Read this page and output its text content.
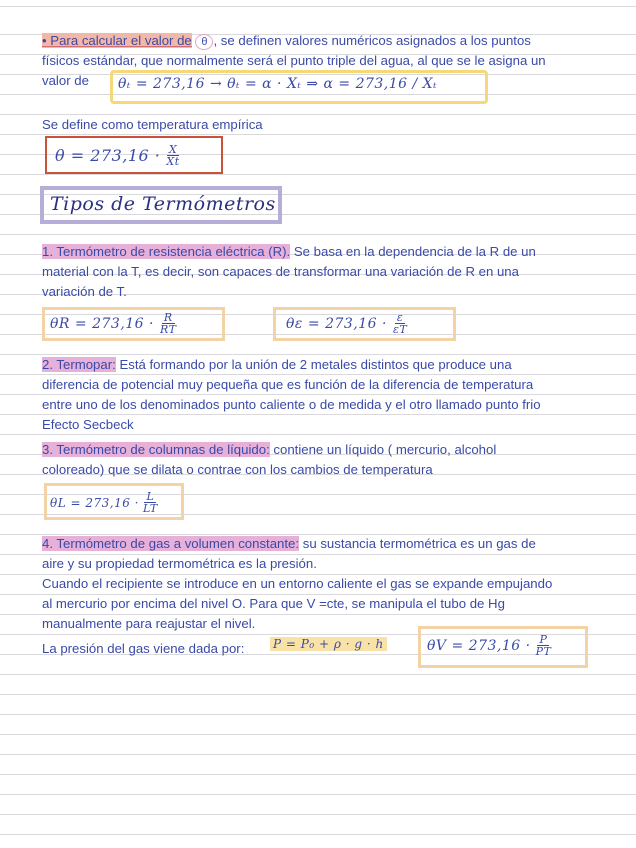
• Para calcular el valor de θ , se definen valores numéricos asignados a los puntos
físicos estándar, que normalmente será el punto triple del agua, al que se le asigna un
valor de θₜ = 273,16 → θₜ = α · Xₜ ⇒ α = 273,16 / Xₜ
Se define como temperatura empírica
$\theta = 273,16 \cdot \frac{X}{Xt}$
Tipos de Termómetros
1. Termómetro de resistencia eléctrica (R). Se basa en la dependencia de la R de un
material con la T, es decir, son capaces de transformar una variación de R en una
variación de T.
$\theta R = 273,16 \cdot \frac{R}{RT}$	$\theta\varepsilon = 273,16 \cdot \frac{\varepsilon}{\varepsilon T}$
2. Termopar: Está formando por la unión de 2 metales distintos que produce una
diferencia de potencial muy pequeña que es función de la diferencia de temperatura
entre uno de los denominados punto caliente o de medida y el otro llamado punto frio
Efecto Secbeck
3. Termómetro de columnas de líquido: contiene un líquido ( mercurio, alcohol
coloreado) que se dilata o contrae con los cambios de temperatura
$\theta L = 273,16 \cdot \frac{L}{LT}$
4. Termómetro de gas a volumen constante: su sustancia termométrica es un gas de
aire y su propiedad termométrica es la presión.
Cuando el recipiente se introduce en un entorno caliente el gas se expande empujando
al mercurio por encima del nivel O. Para que V =cte, se manipula el tubo de Hg
manualmente para reajustar el nivel.
La presión del gas viene dada por: P = P₀ + ρ · g · h	$\theta V = 273,16 \cdot \frac{P}{PT}$
